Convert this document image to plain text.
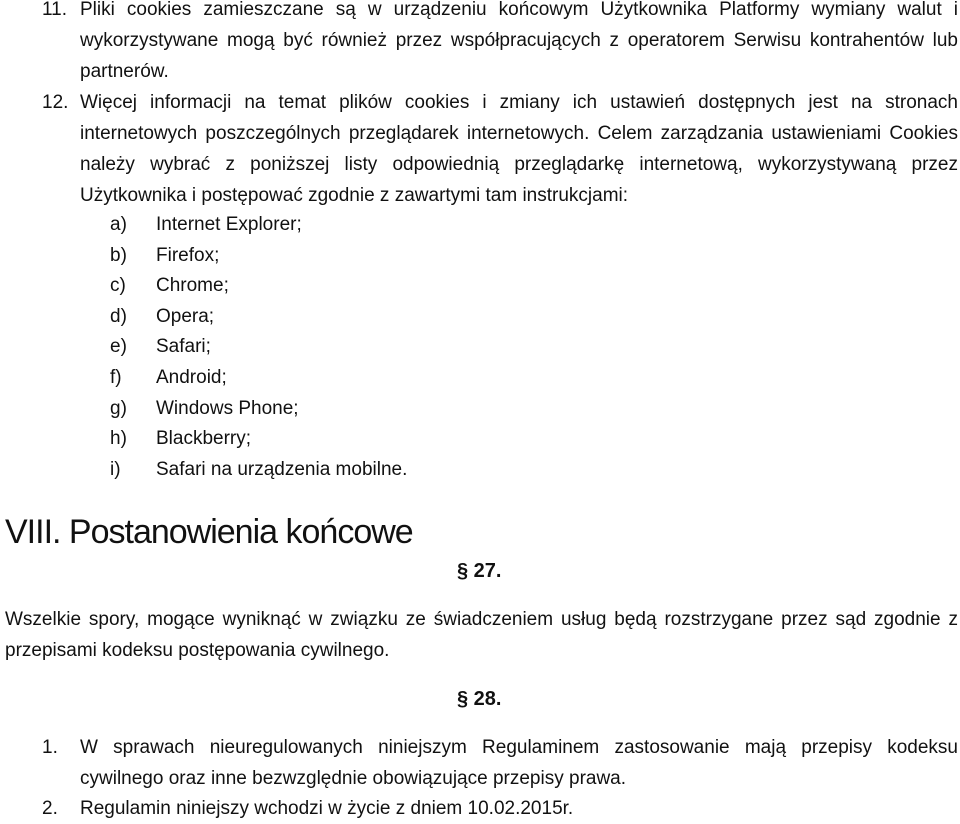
11. Pliki cookies zamieszczane są w urządzeniu końcowym Użytkownika Platformy wymiany walut i wykorzystywane mogą być również przez współpracujących z operatorem Serwisu kontrahentów lub partnerów.

12. Więcej informacji na temat plików cookies i zmiany ich ustawień dostępnych jest na stronach internetowych poszczególnych przeglądarek internetowych. Celem zarządzania ustawieniami Cookies należy wybrać z poniższej listy odpowiednią przeglądarkę internetową, wykorzystywaną przez Użytkownika i postępować zgodnie z zawartymi tam instrukcjami:

a) Internet Explorer;
b) Firefox;
c) Chrome;
d) Opera;
e) Safari;
f) Android;
g) Windows Phone;
h) Blackberry;
i) Safari na urządzenia mobilne.
VIII. Postanowienia końcowe
§ 27.

Wszelkie spory, mogące wyniknąć w związku ze świadczeniem usług będą rozstrzygane przez sąd zgodnie z przepisami kodeksu postępowania cywilnego.

§ 28.
1. W sprawach nieuregulowanych niniejszym Regulaminem zastosowanie mają przepisy kodeksu cywilnego oraz inne bezwzględnie obowiązujące przepisy prawa.

2. Regulamin niniejszy wchodzi w życie z dniem 10.02.2015r.
